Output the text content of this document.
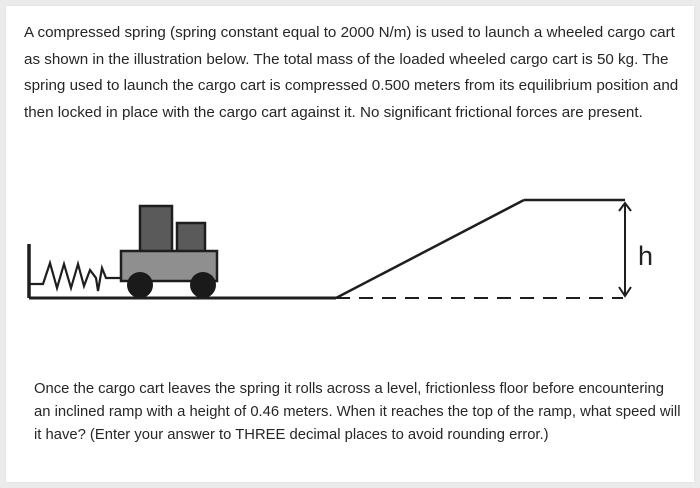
A compressed spring (spring constant equal to 2000 N/m) is used to launch a wheeled cargo cart as shown in the illustration below. The total mass of the loaded wheeled cargo cart is 50 kg. The spring used to launch the cargo cart is compressed 0.500 meters from its equilibrium position and then locked in place with the cargo cart against it. No significant frictional forces are present.

h

Once the cargo cart leaves the spring it rolls across a level, frictionless floor before encountering an inclined ramp with a height of 0.46 meters. When it reaches the top of the ramp, what speed will it have? (Enter your answer to THREE decimal places to avoid rounding error.)
